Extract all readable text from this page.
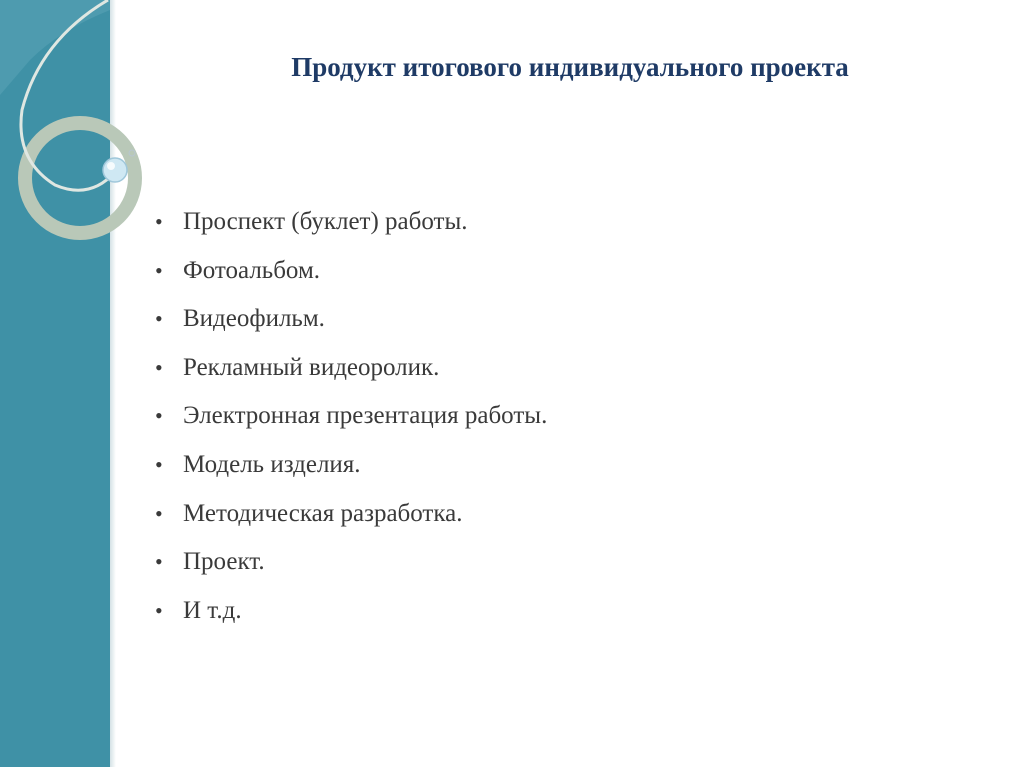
Продукт итогового индивидуального проекта
• Проспект (буклет) работы.
• Фотоальбом.
• Видеофильм.
• Рекламный видеоролик.
• Электронная презентация работы.
• Модель изделия.
• Методическая разработка.
• Проект.
• И т.д.
